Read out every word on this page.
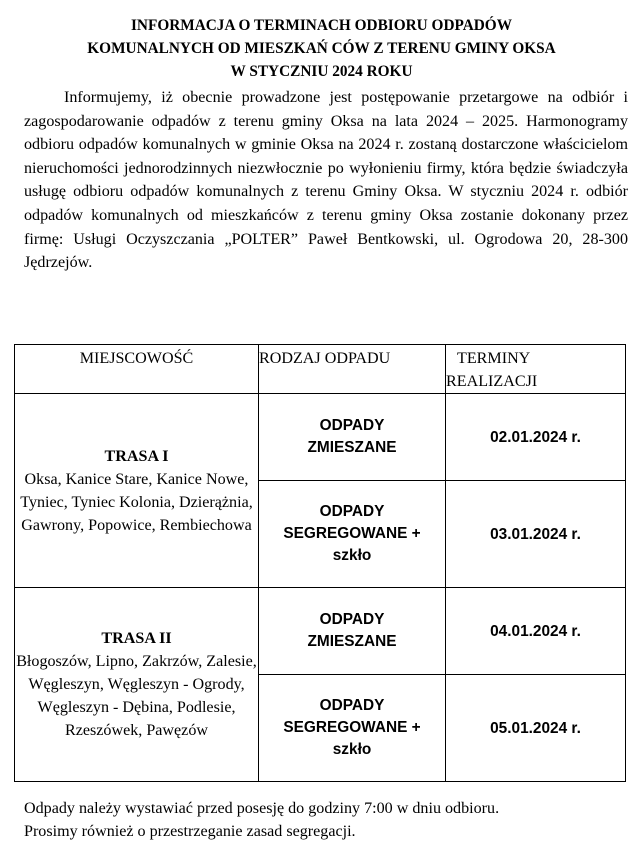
INFORMACJA O TERMINACH ODBIORU ODPADÓW
KOMUNALNYCH OD MIESZKAŃ CÓW Z TERENU GMINY OKSA
W STYCZNIU 2024 ROKU

Informujemy, iż obecnie prowadzone jest postępowanie przetargowe na odbiór i zagospodarowanie odpadów z terenu gminy Oksa na lata 2024 – 2025. Harmonogramy odbioru odpadów komunalnych w gminie Oksa na 2024 r. zostaną dostarczone właścicielom nieruchomości jednorodzinnych niezwłocznie po wyłonieniu firmy, która będzie świadczyła usługę odbioru odpadów komunalnych z terenu Gminy Oksa. W styczniu 2024 r. odbiór odpadów komunalnych od mieszkańców z terenu gminy Oksa zostanie dokonany przez firmę: Usługi Oczyszczania „POLTER” Paweł Bentkowski, ul. Ogrodowa 20, 28-300 Jędrzejów.

MIEJSCOWOŚĆ	RODZAJ ODPADU	TERMINY
REALIZACJI

TRASA I
Oksa, Kanice Stare, Kanice Nowe, Tyniec, Tyniec Kolonia, Dzierążnia, Gawrony, Popowice, Rembiechowa	ODPADY
ZMIESZANE	02.01.2024 r.
	ODPADY
SEGREGOWANE +
szkło	03.01.2024 r.

TRASA II
Błogoszów, Lipno, Zakrzów, Zalesie, Węgleszyn, Węgleszyn - Ogrody, Węgleszyn - Dębina, Podlesie, Rzeszówek, Pawęzów	ODPADY
ZMIESZANE	04.01.2024 r.
	ODPADY
SEGREGOWANE +
szkło	05.01.2024 r.
Odpady należy wystawiać przed posesję do godziny 7:00 w dniu odbioru.
Prosimy również o przestrzeganie zasad segregacji.
